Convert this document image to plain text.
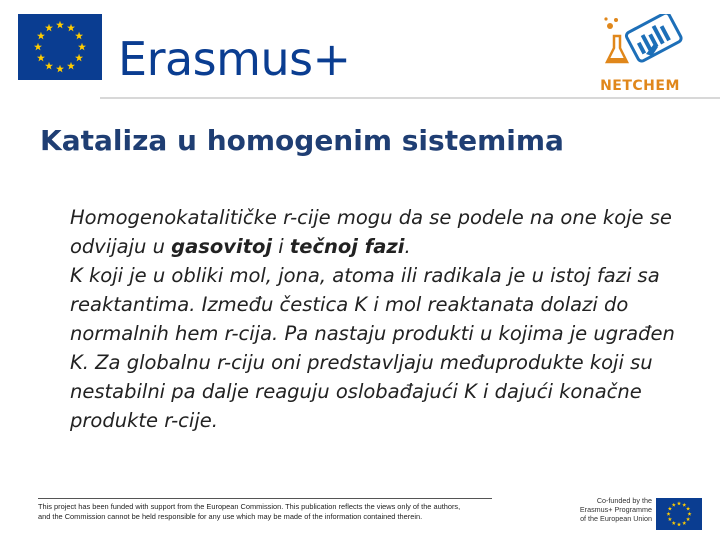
Erasmus+	NETCHEM
Kataliza u homogenim sistemima

Homogenokatalitičke r-cije mogu da se podele na one koje se odvijaju u gasovitoj i tečnoj fazi.

K koji je u obliki mol, jona, atoma ili radikala je u istoj fazi sa reaktantima. Između čestica K i mol reaktanata dolazi do normalnih hem r-cija. Pa nastaju produkti u kojima je ugrađen K. Za globalnu r-ciju oni predstavljaju međuprodukte koji su nestabilni pa dalje reaguju oslobađajući K i dajući konačne produkte r-cije.

This project has been funded with support from the European Commission. This publication reflects the views only of the authors,
and the Commission cannot be held responsible for any use which may be made of the information contained therein.
Co-funded by the
Erasmus+ Programme
of the European Union
